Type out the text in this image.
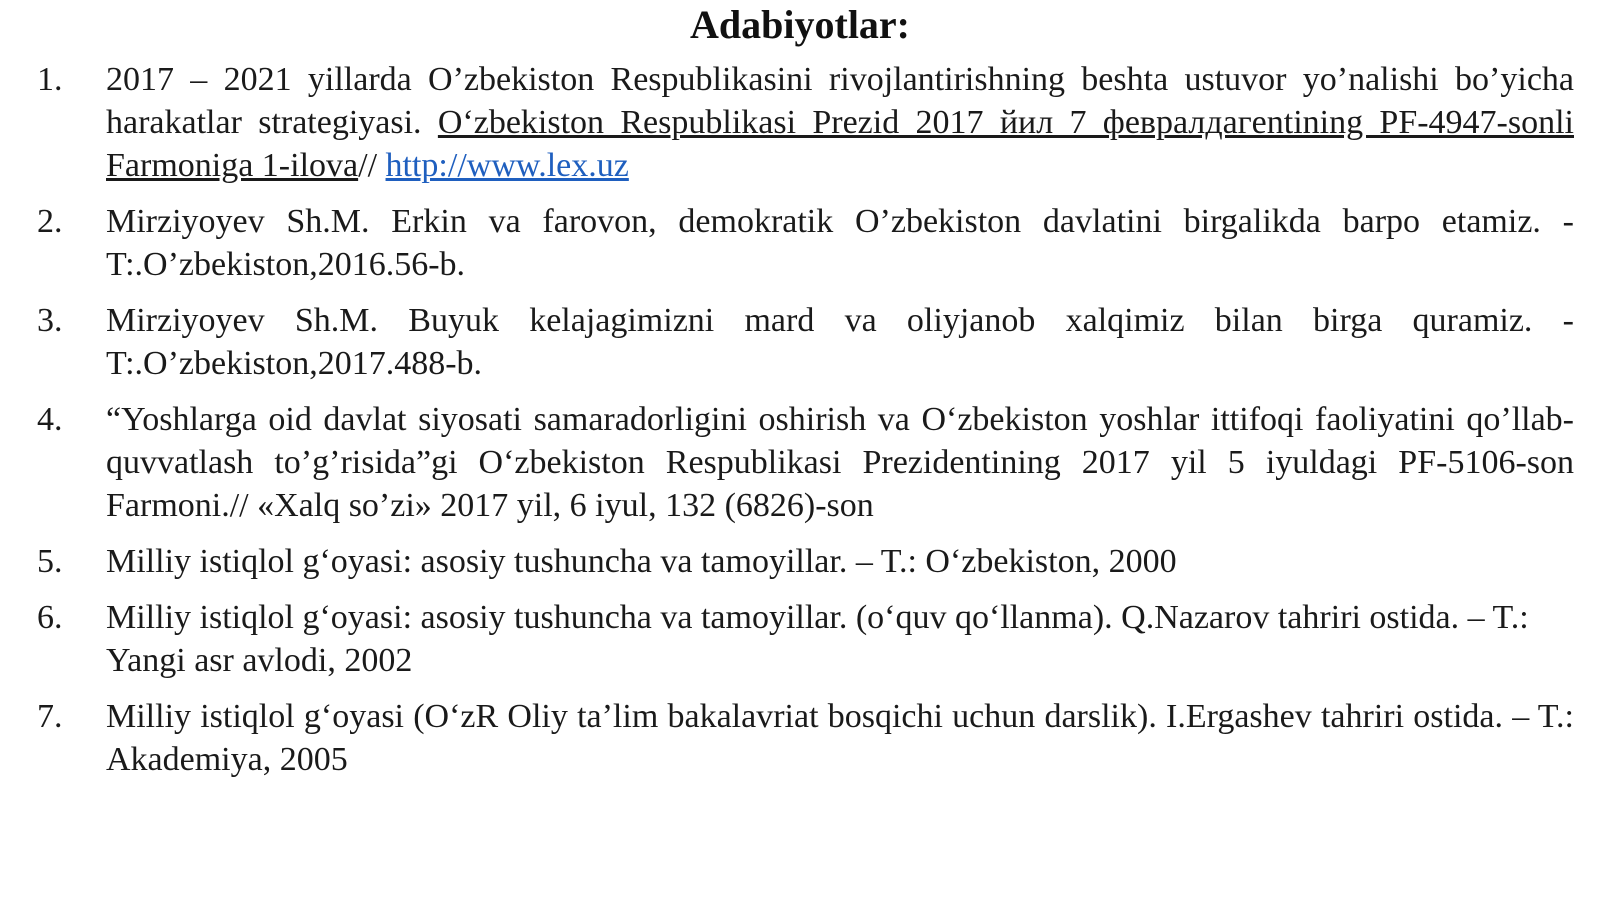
Adabiyotlar:
1.	2017 – 2021 yillarda O’zbekiston Respublikasini rivojlantirishning beshta ustuvor yo’nalishi bo’yicha harakatlar strategiyasi. O‘zbekiston Respublikasi Prezid 2017 йил 7 февралдагentining PF-4947-sonli Farmoniga 1-ilova// http://www.lex.uz
2.	Mirziyoyev Sh.M. Erkin va farovon, demokratik O’zbekiston davlatini birgalikda barpo etamiz. -T:.O’zbekiston,2016.56-b.
3.	Mirziyoyev Sh.M. Buyuk kelajagimizni mard va oliyjanob xalqimiz bilan birga quramiz. -T:.O’zbekiston,2017.488-b.
4.	“Yoshlarga oid davlat siyosati samaradorligini oshirish va O‘zbekiston yoshlar ittifoqi faoliyatini qo’llab-quvvatlash to’g’risida”gi O‘zbekiston Respublikasi Prezidentining 2017 yil 5 iyuldagi PF-5106-son Farmoni.// «Xalq so’zi» 2017 yil, 6 iyul, 132 (6826)-son
5.	Milliy istiqlol g‘oyasi: asosiy tushuncha va tamoyillar. – T.: O‘zbekiston, 2000
6.	Milliy istiqlol g‘oyasi: asosiy tushuncha va tamoyillar. (o‘quv qo‘llanma). Q.Nazarov tahriri ostida. – T.: Yangi asr avlodi, 2002
7.	Milliy istiqlol g‘oyasi (O‘zR Oliy ta’lim bakalavriat bosqichi uchun darslik). I.Ergashev tahriri ostida. – T.: Akademiya, 2005
